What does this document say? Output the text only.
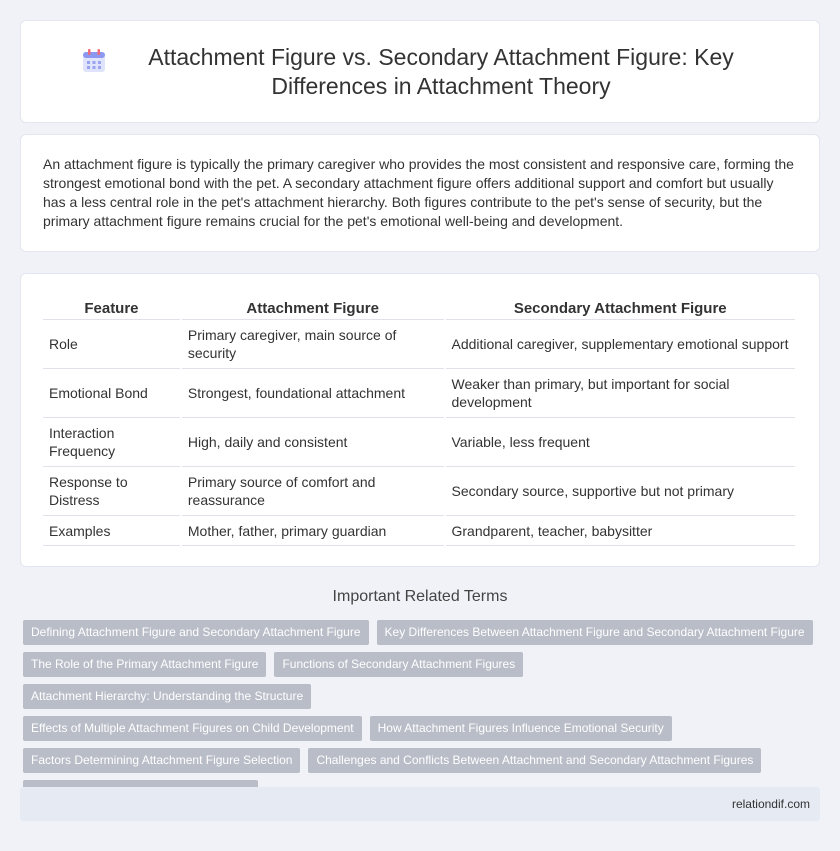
Attachment Figure vs. Secondary Attachment Figure: Key Differences in Attachment Theory

An attachment figure is typically the primary caregiver who provides the most consistent and responsive care, forming the strongest emotional bond with the pet. A secondary attachment figure offers additional support and comfort but usually has a less central role in the pet's attachment hierarchy. Both figures contribute to the pet's sense of security, but the primary attachment figure remains crucial for the pet's emotional well-being and development.

Feature	Attachment Figure	Secondary Attachment Figure
Role	Primary caregiver, main source of security	Additional caregiver, supplementary emotional support
Emotional Bond	Strongest, foundational attachment	Weaker than primary, but important for social development
Interaction Frequency	High, daily and consistent	Variable, less frequent
Response to Distress	Primary source of comfort and reassurance	Secondary source, supportive but not primary
Examples	Mother, father, primary guardian	Grandparent, teacher, babysitter
Important Related Terms
Defining Attachment Figure and Secondary Attachment Figure	Key Differences Between Attachment Figure and Secondary Attachment Figure
The Role of the Primary Attachment Figure	Functions of Secondary Attachment Figures
Attachment Hierarchy: Understanding the Structure
Effects of Multiple Attachment Figures on Child Development	How Attachment Figures Influence Emotional Security
Factors Determining Attachment Figure Selection	Challenges and Conflicts Between Attachment and Secondary Attachment Figures
relationdif.com
